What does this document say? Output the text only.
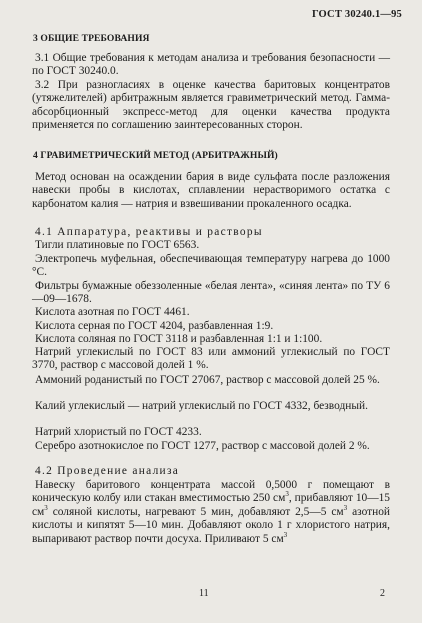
ГОСТ 30240.1—95
3 ОБЩИЕ ТРЕБОВАНИЯ

3.1 Общие требования к методам анализа и требования безопасности — по ГОСТ 30240.0.

3.2 При разногласиях в оценке качества баритовых концентратов (утяжелителей) арбитражным является гравиметрический метод. Гамма-абсорбционный экспресс-метод для оценки качества продукта применяется по соглашению заинтересованных сторон.

4 ГРАВИМЕТРИЧЕСКИЙ МЕТОД (АРБИТРАЖНЫЙ)

Метод основан на осаждении бария в виде сульфата после разложения навески пробы в кислотах, сплавлении нерастворимого остатка с карбонатом калия — натрия и взвешивании прокаленного осадка.

4.1 Аппаратура, реактивы и растворы

Тигли платиновые по ГОСТ 6563.

Электропечь муфельная, обеспечивающая температуру нагрева до 1000 °С.

Фильтры бумажные обеззоленные «белая лента», «синяя лента» по ТУ 6—09—1678.

Кислота азотная по ГОСТ 4461.

Кислота серная по ГОСТ 4204, разбавленная 1:9.

Кислота соляная по ГОСТ 3118 и разбавленная 1:1 и 1:100.

Натрий углекислый по ГОСТ 83 или аммоний углекислый по ГОСТ 3770, раствор с массовой долей 1 %.

Аммоний роданистый по ГОСТ 27067, раствор с массовой долей 25 %.

Калий углекислый — натрий углекислый по ГОСТ 4332, безводный.

Натрий хлористый по ГОСТ 4233.

Серебро азотнокислое по ГОСТ 1277, раствор с массовой долей 2 %.

4.2 Проведение анализа

Навеску баритового концентрата массой 0,5000 г помещают в коническую колбу или стакан вместимостью 250 $см^3$, прибавляют 10—15 $см^3$ соляной кислоты, нагревают 5 мин, добавляют 2,5—5 $см^3$ азотной кислоты и кипятят 5—10 мин. Добавляют около 1 г хлористого натрия, выпаривают раствор почти досуха. Приливают 5 $см^3$

11	2
